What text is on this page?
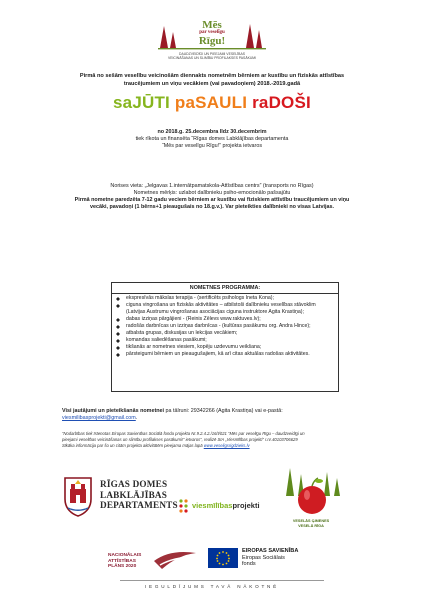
Mēs
par veselīgu
Rīgu!
DAUDZVEIDĪGI UN PIEEJAMI VESELĪBAS
VEICINĀŠANAS UN SLIMĪBU PROFILAKSES PASĀKUMI
Pirmā no sešām veselību veicinošām diennakts nometnēm bērniem ar kustību un fiziskās attīstības
traucējumiem un viņu vecākiem (vai pavadoņiem) 2018.-2019.gadā
saJŪTI paSAULI raDOŠI
no 2018.g. 25.decembra līdz 30.decembrim
tiek rīkota un finansēta “Rīgas domes Labklājības departamenta
“Mēs par veselīgu Rīgu!” projekta ietvaros
Norises vieta: „Jelgavas 1.internātpamatskola-Attīstības centrs” (transports no Rīgas)
Nometnes mērķis: uzlabot dalībnieku psiho-emocionālo pašsajūtu
Pirmā nometne paredzēta 7-12 gadu veciem bērniem ar kustību vai fiziskiem attīstību traucējumiem un viņu
vecāki, pavadoņi (1 bērns+1 pieaugušais no 18.g.v.). Var pieteikties dalībnieki no visas Latvijas.
NOMETNES PROGRAMMA:
ekspresīvās mākslas terapija - (sertificēts psihologs Ineta Kona);
ciguna vingrošana un fiziskās aktivitātes – atbilstoši dalībnieku veselības stāvoklim
(Latvijas Austrumu vingrošanas asociācijas ciguna instruktore Agita Krastiņa);
dabas izziņas pārgājieni - (Reinis Zēlevs www.raktuves.lv);
radošās darbnīcas un izziņas darbnīcas - (kultūras pasākumu org. Andra Hince);
atbalsta grupas, diskusijas un lekcijas vecākiem;
komandas saliedēšanas pasākumi;
tikšanās ar nometnes viesiem, kopēju uzdevumu veikšana;
pārsteigumi bērniem un pieaugušajiem, kā arī citas aktuālas radošas aktivitātes.
Visi jautājumi un pieteikšanās nometnei pa tālruni: 29342266 (Agita Krastiņa) vai e-pastā:
viesmilibasprojekti@gmail.com.
“Nodarbības tiek īstenotas Eiropas Savienības Sociālā fonda projekta Nr.9.2.4.2./16/I/021 “Mēs par veselīgu Rīgu – daudzveidīgi un
pieejami veselības veicināšanas un slimību profilakses pasākumi!” ietvaros”, realizē SIA „Viesmīlības projekti” r.nr.40103706629
Sīkāka informācija par šo un citām projekta aktivitātēm pieejama mājas lapā www.veseligsrigdzieks.lv
RĪGAS DOMES
LABKLĀJĪBAS
DEPARTAMENTS viesmīlībasprojekti
VESELĀS ĢIMENES
VESELĀ RĪGA
NACIONĀLAIS
ATTĪSTĪBAS
PLĀNS 2020
EIROPAS SAVIENĪBA
Eiropas Sociālais
fonds
IEGULDĪJUMS TAVĀ NĀKOTNĒ
